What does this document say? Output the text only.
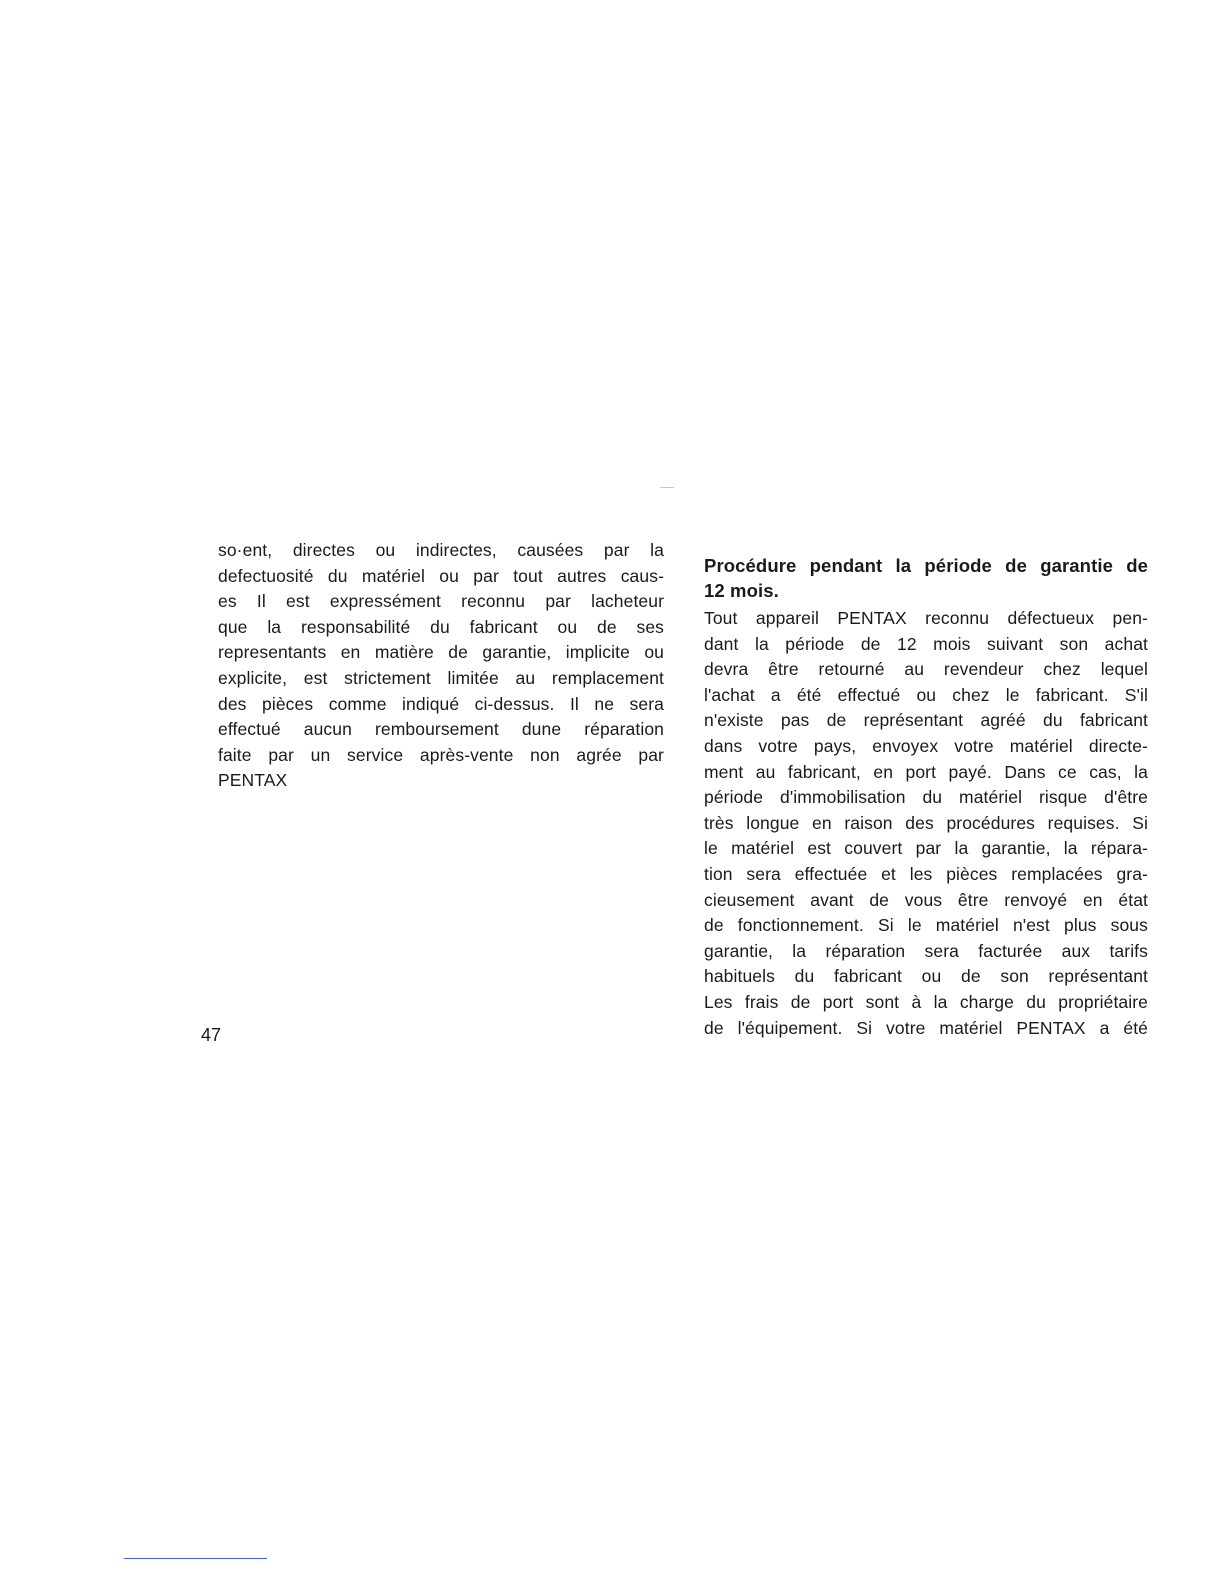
so·ent, directes ou indirectes, causées par la
defectuosité du matériel ou par tout autres caus-
es Il est expressément reconnu par lacheteur
que la responsabilité du fabricant ou de ses
representants en matière de garantie, implicite ou
explicite, est strictement limitée au remplacement
des pièces comme indiqué ci-dessus. Il ne sera
effectué aucun remboursement dune réparation
faite par un service après-vente non agrée par
PENTAX
Procédure pendant la période de garantie de
12 mois.
Tout appareil PENTAX reconnu défectueux pen-
dant la période de 12 mois suivant son achat
devra être retourné au revendeur chez lequel
l'achat a été effectué ou chez le fabricant. S'il
n'existe pas de représentant agréé du fabricant
dans votre pays, envoyex votre matériel directe-
ment au fabricant, en port payé. Dans ce cas, la
période d'immobilisation du matériel risque d'être
très longue en raison des procédures requises. Si
le matériel est couvert par la garantie, la répara-
tion sera effectuée et les pièces remplacées gra-
cieusement avant de vous être renvoyé en état
de fonctionnement. Si le matériel n'est plus sous
garantie, la réparation sera facturée aux tarifs
habituels du fabricant ou de son représentant
Les frais de port sont à la charge du propriétaire
de l'équipement. Si votre matériel PENTAX a été
47
